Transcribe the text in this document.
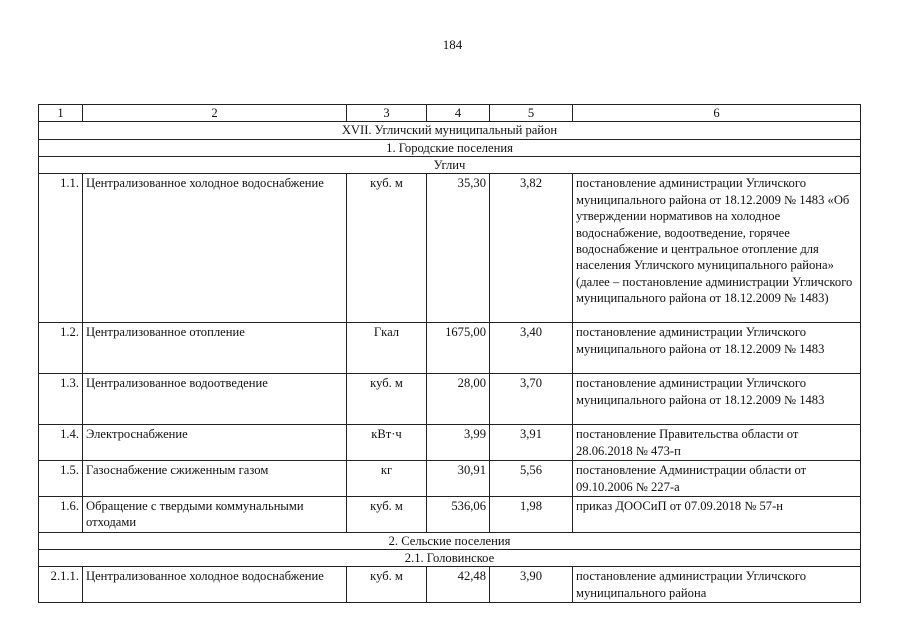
184
1	2	3	4	5	6
XVII. Угличский муниципальный район					
1. Городские поселения					
Углич					
1.1.	Централизованное холодное водоснабжение	куб. м	35,30	3,82	постановление администрации Угличского муниципального района от 18.12.2009 № 1483 «Об утверждении нормативов на холодное водоснабжение, водоотведение, горячее водоснабжение и центральное отопление для населения Угличского муниципального района» (далее – постановление администрации Угличского муниципального района от 18.12.2009 № 1483)
1.2.	Централизованное отопление	Гкал	1675,00	3,40	постановление администрации Угличского муниципального района от 18.12.2009 № 1483
1.3.	Централизованное водоотведение	куб. м	28,00	3,70	постановление администрации Угличского муниципального района от 18.12.2009 № 1483
1.4.	Электроснабжение	кВт·ч	3,99	3,91	постановление Правительства области от 28.06.2018 № 473-п
1.5.	Газоснабжение сжиженным газом	кг	30,91	5,56	постановление Администрации области от 09.10.2006 № 227-а
1.6.	Обращение с твердыми коммунальными отходами	куб. м	536,06	1,98	приказ ДООСиП от 07.09.2018 № 57-н
2. Сельские поселения					
2.1. Головинское					
2.1.1.	Централизованное холодное водоснабжение	куб. м	42,48	3,90	постановление администрации Угличского муниципального района
